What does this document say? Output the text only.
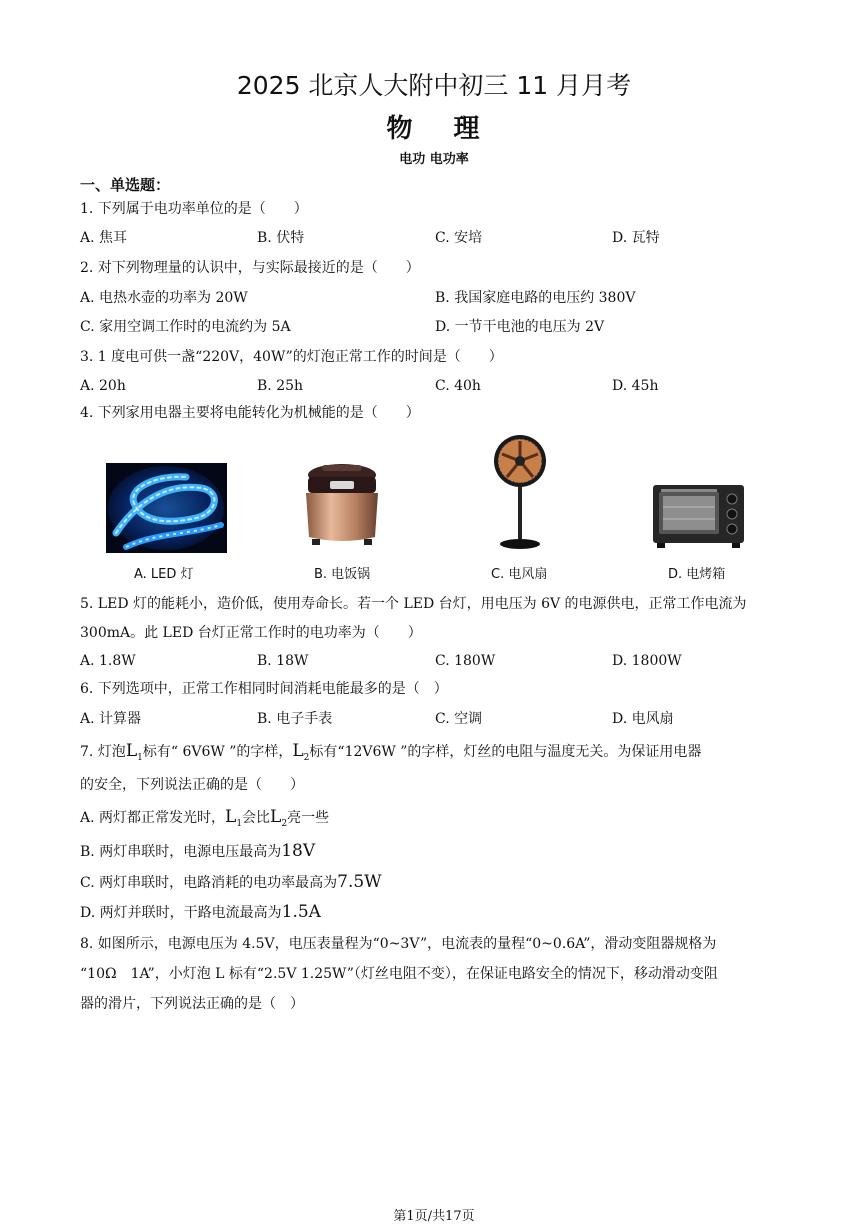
2025 北京人大附中初三 11 月月考
物　 理
电功 电功率
一、单选题：
1. 下列属于电功率单位的是（　　）
A. 焦耳	B. 伏特	C. 安培	D. 瓦特
2. 对下列物理量的认识中，与实际最接近的是（　　）
A. 电热水壶的功率为 20W	B. 我国家庭电路的电压约 380V
C. 家用空调工作时的电流约为 5A	D. 一节干电池的电压为 2V
3. 1 度电可供一盏“220V，40W”的灯泡正常工作的时间是（　　）
A. 20h	B. 25h	C. 40h	D. 45h
4. 下列家用电器主要将电能转化为机械能的是（　　）
A. LED 灯	B. 电饭锅	C. 电风扇	D. 电烤箱
5. LED 灯的能耗小，造价低，使用寿命长。若一个 LED 台灯，用电压为 6V 的电源供电，正常工作电流为
300mA。此 LED 台灯正常工作时的电功率为（　　）
A. 1.8W	B. 18W	C. 180W	D. 1800W
6. 下列选项中，正常工作相同时间消耗电能最多的是（　）
A. 计算器	B. 电子手表	C. 空调	D. 电风扇
7. 灯泡$L_1$标有“ 6V6W ”的字样，$L_2$标有“12V6W ”的字样，灯丝的电阻与温度无关。为保证用电器
的安全，下列说法正确的是（　　）
A. 两灯都正常发光时，$L_1$会比$L_2$亮一些
B. 两灯串联时，电源电压最高为18V
C. 两灯串联时，电路消耗的电功率最高为7.5W
D. 两灯并联时，干路电流最高为1.5A
8. 如图所示，电源电压为 4.5V，电压表量程为“0~3V”，电流表的量程“0~0.6A”，滑动变阻器规格为
“10Ω　1A”，小灯泡 L 标有“2.5V 1.25W”（灯丝电阻不变），在保证电路安全的情况下，移动滑动变阻
器的滑片，下列说法正确的是（　）
第1页/共17页
